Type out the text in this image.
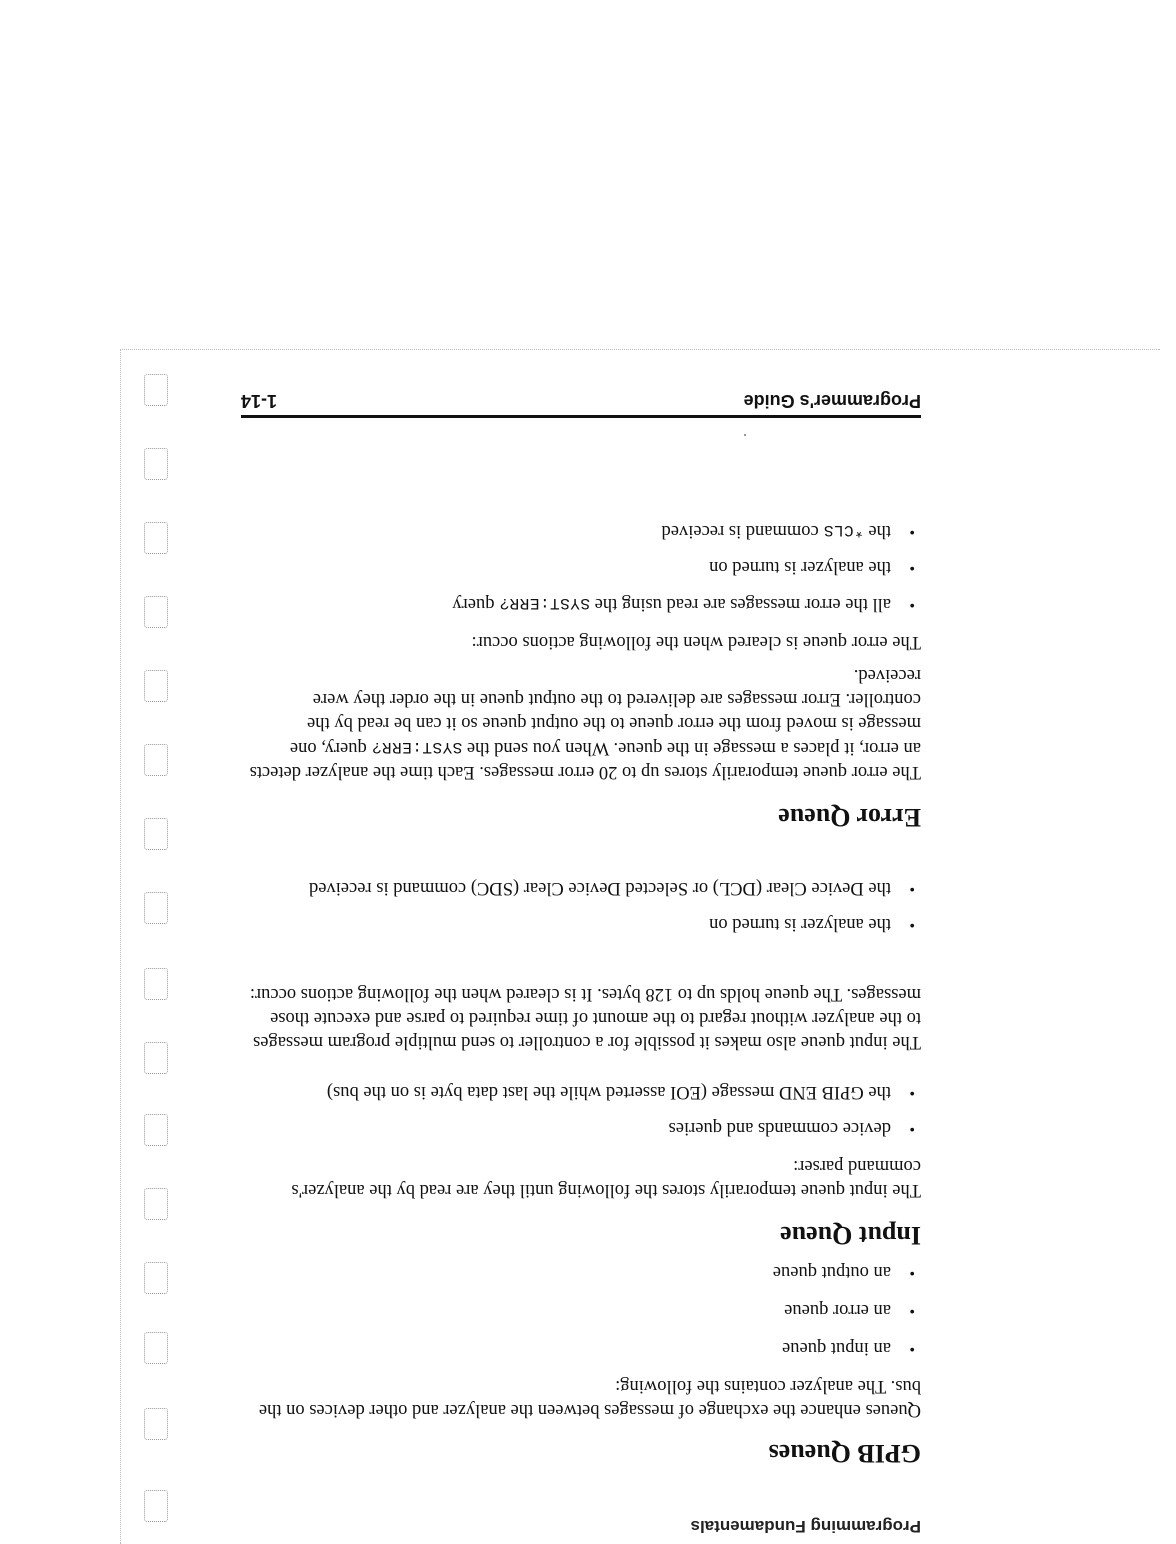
Programming Fundamentals
GPIB Queues

Queues enhance the exchange of messages between the analyzer and other devices on the bus. The analyzer contains the following:

•
an input queue
•
an error queue
•
an output queue
Input Queue

The input queue temporarily stores the following until they are read by the analyzer's command parser:

•
device commands and queries
•
the GPIB END message (EOI asserted while the last data byte is on the bus)

The input queue also makes it possible for a controller to send multiple program messages to the analyzer without regard to the amount of time required to parse and execute those messages. The queue holds up to 128 bytes. It is cleared when the following actions occur:

•
the analyzer is turned on
•
the Device Clear (DCL) or Selected Device Clear (SDC) command is received
Error Queue

The error queue temporarily stores up to 20 error messages. Each time the analyzer detects an error, it places a message in the queue. When you send the SYST:ERR? query, one message is moved from the error queue to the output queue so it can be read by the controller. Error messages are delivered to the output queue in the order they were received.

The error queue is cleared when the following actions occur:

•
all the error messages are read using the SYST:ERR? query
•
the analyzer is turned on
•
the *CLS command is received
Programmer's Guide
1-14
